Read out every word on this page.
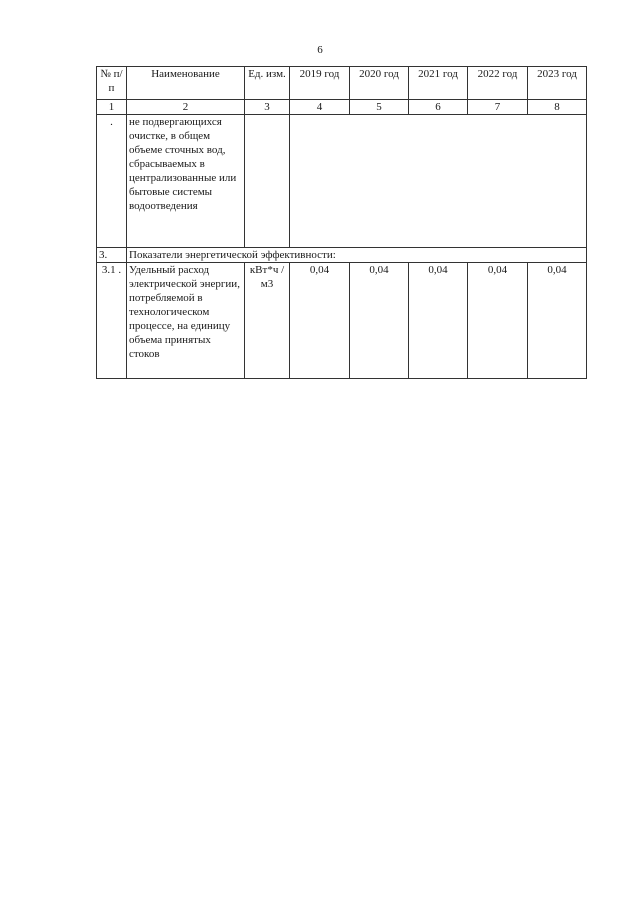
6
№ п/п	Наименование	Ед. изм.	2019 год	2020 год	2021 год	2022 год	2023 год
1	2	3	4	5	6	7	8
.	не подвергающихся очистке, в общем объеме сточных вод, сбрасываемых в централизованные или бытовые системы водоотведения						
3.	Показатели энергетической эффективности:						
3.1 .	Удельный расход электрической энергии, потребляемой в технологическом процессе, на единицу объема принятых стоков	кВт*ч /м3	0,04	0,04	0,04	0,04	0,04
